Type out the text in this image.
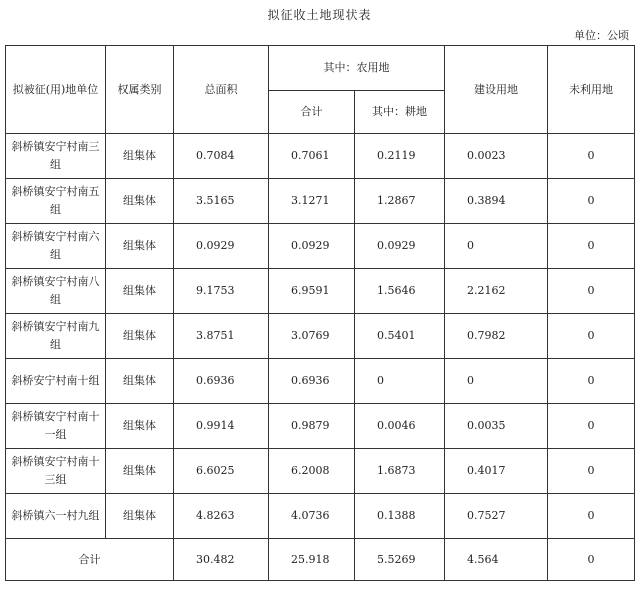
拟征收土地现状表
单位：公顷
拟被征(用)地单位	权属类别	总面积	其中：农用地		建设用地	未利用地
			合计	其中：耕地		
斜桥镇安宁村南三组	组集体	0.7084	0.7061	0.2119	0.0023	0
斜桥镇安宁村南五组	组集体	3.5165	3.1271	1.2867	0.3894	0
斜桥镇安宁村南六组	组集体	0.0929	0.0929	0.0929	0	0
斜桥镇安宁村南八组	组集体	9.1753	6.9591	1.5646	2.2162	0
斜桥镇安宁村南九组	组集体	3.8751	3.0769	0.5401	0.7982	0
斜桥安宁村南十组	组集体	0.6936	0.6936	0	0	0
斜桥镇安宁村南十一组	组集体	0.9914	0.9879	0.0046	0.0035	0
斜桥镇安宁村南十三组	组集体	6.6025	6.2008	1.6873	0.4017	0
斜桥镇六一村九组	组集体	4.8263	4.0736	0.1388	0.7527	0
合计		30.482	25.918	5.5269	4.564	0
